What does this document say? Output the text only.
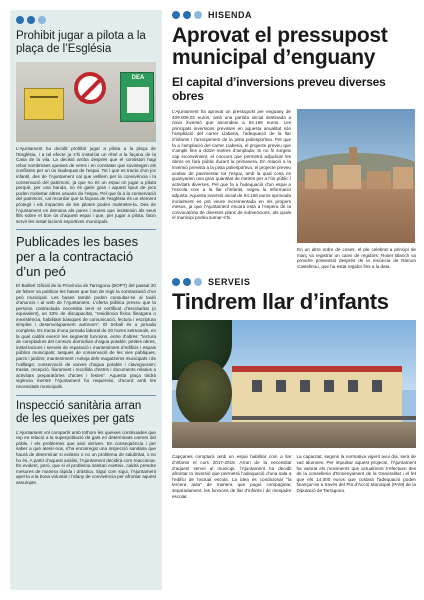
Prohibit jugar a pilota a la plaça de l’Església
DEA

L’Ajuntament ha decidit prohibir jugar a pilota a la plaça de l’Església, i a tal efecte ja s’hi instal·lat un rètol a la façana de la Casa de la vila. La decisió arriba després que el consistori hagi rebut nombroses queixes de veïns i en constatar que sovintegen els conflictes per un ús inadequat de l’espai. Tot i que es tracta d’un joc infantil, des de l’Ajuntament cal que vetllem per la convivència i la conservació del patrimoni, ja que no és un espai on jugar a pilota perquè, per una banda, no és gaire gran i aquest tipus de jocs poden molestar altres usuaris de l’espai. Pel que fa a la conservació del patrimoni, cal recordar que la façana de l’església és un element protegit i els impactes de les pilotes poden malmetre-la. Des de l’Ajuntament es demana als pares i mares que insisteixin als seus fills sobre el bon ús d’aquest espai i que, per jugar a pilota, facin servir les instal·lacions esportives municipals.

Publicades les bases per a la contractació d’un peó

El Butlletí Oficial de la Província de Tarragona (BOPT) del passat 20 de febrer va publicar les bases que han de regir la contractació d’un peó municipal. Les bases també poden consultar-se al tauló d’anuncis i al web de l’Ajuntament. L’oferta pública preveu que la persona contractada necessita tenir el certificat d’escolaritat (o equivalent), un 33% de discapacitat, "residència física llinatgera o inexistència, habilitats bàsiques de comunicació, lectura i escriptura simples i desenvolupament autònom". El treball és a jornada completa. Es tracta d’una jornada laboral de 20 hores setmanals, en la qual caldrà exercir les següents funcions, entre d’altres: "lectura de comptadors del consum domiciliari d’aigua potable; petites obres, instal·lacions i serveis de reparació i manteniment d’edificis i espais públics municipals; tasques de conservació de les vies públiques, parcs i jardins; manteniment i neteja dels magatzems municipals i de l’utillatge; conservació de xarxes d’aigua potable i clavegueram; traslat, recepció, lliurament i recollida d’estris i documents relatius a activitats preparatòries d’actes i festes". Aquesta plaça tindrà vigència mentre l’Ajuntament ho requereixi, d’acord amb les necessitats municipals.

Inspecció sanitària arran de les queixes per gats

L’Ajuntament vol compartir amb tothom les queixes continuades que rep en relació a la superpoblació de gats en determinats carrers del poble, i els problemes que això deriven. En conseqüència i per saber a què atenir-nos, s’ha encarregat una inspecció sanitària que haurà de determinar si existeix o no un problema de salubritat, o no ho és. A partir d’aquest anàlisi, l’Ajuntament decidirà com reaccionar. És evident, però, que si el problema sanitari existeix, caldrà prendre mesures de manera ràpida i dràstica. Sigui com sigui, l’Ajuntament apel·la a la bona voluntat i l’afany de convivència per afrontar aquest assumpte.

HISENDA
Aprovat el pressupost municipal d’enguany
El capital d’inversions preveu diverses obres
L’Ajuntament ha aprovat un pressupost per enguany de 409.009,02 euros, amb una partida inicial destinada a nova inversió que ascendeix a 64.168 euros. Les principals inversions previstes en aquesta anualitat són l’ampliació del carrer Llaberia, l’adequació de la llar d’infants i l’arranjament de la pista poliesportiva. Pel que fa a l’ampliació del carrer Llaberia, el projecte preveu que s’ampliï fins a dotze metres d’amplada. Si no hi sorgeix cap inconvenient, el concurs que permetrà adjudicar les obres es farà públic durant la primavera. En relació a la inversió prevista a la pista poliesportiva, el projecte preveu acabar de pavimentar tot l’espai, amb la qual cosa es guanyarien una gran quantitat de metres per a l’ús públic i activitats diverses. Pel que fa a l’adequació d’un espai a l’escola com a la llar d’infants, vegeu la informació adjunta. Aquesta inversió inicial de 64.168 euros aprovada inicialment es pot veure incrementada en els propers mesos, ja que l’Ajuntament encara està a l’espera de la convocatòria de diverses plans de subvencions, als quals el municipi podria sumar-s’hi.
En un altre ordre de coses, el ple celebrat a principi de març va registrar un canvi de regidors: Roser Blanch va prendre possessió després de la renúncia de Ramon Castellnou, que ha estat regidor fins a la data.
SERVEIS
Tindrem llar d’infants
Capçanes comptarà amb un espai habilitat com a llar d’infants el curs 2017-2018. Arran de la necessitat d’aquest servei al municipi, l’Ajuntament ha decidit afrontar la inversió que permetrà l’adequació d’una sala a l’edifici de l’actual escola. La idea és condicionar "la tercera aula" de manera que pugui compaginar, separadament, les funcions de llar d’infants i de menjador escolar.
La capacitat, segons la normativa vigent avui dia, serà de vuit alumnes. Per impulsar aquest projecte, l’Ajuntament ha valorat els moviments que actualment s’efectuen des de la conselleria d’Ensenyament de la Generalitat i el fet que els 14.000 euros que costarà l’adequació poden finançar-se a través del Pla d’Acció Municipal (PAM) de la Diputació de Tarragona.
